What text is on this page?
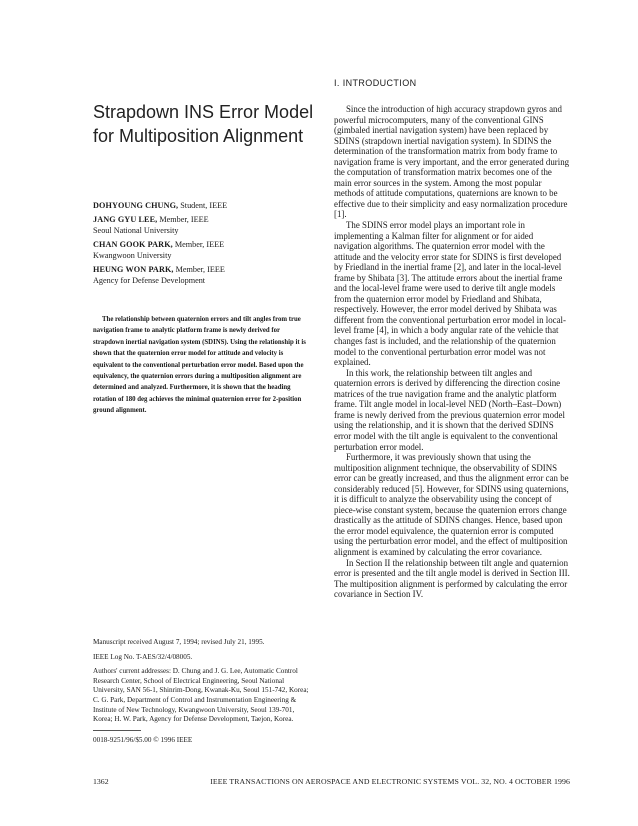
Strapdown INS Error Model for Multiposition Alignment
DOHYOUNG CHUNG, Student, IEEE
JANG GYU LEE, Member, IEEE
Seoul National University
CHAN GOOK PARK, Member, IEEE
Kwangwoon University
HEUNG WON PARK, Member, IEEE
Agency for Defense Development

The relationship between quaternion errors and tilt angles from true navigation frame to analytic platform frame is newly derived for strapdown inertial navigation system (SDINS). Using the relationship it is shown that the quaternion error model for attitude and velocity is equivalent to the conventional perturbation error model. Based upon the equivalency, the quaternion errors during a multiposition alignment are determined and analyzed. Furthermore, it is shown that the heading rotation of 180 deg achieves the minimal quaternion error for 2-position ground alignment.

Manuscript received August 7, 1994; revised July 21, 1995.

IEEE Log No. T-AES/32/4/08005.

Authors' current addresses: D. Chung and J. G. Lee, Automatic Control Research Center, School of Electrical Engineering, Seoul National University, SAN 56-1, Shinrim-Dong, Kwanak-Ku, Seoul 151-742, Korea; C. G. Park, Department of Control and Instrumentation Engineering & Institute of New Technology, Kwangwoon University, Seoul 139-701, Korea; H. W. Park, Agency for Defense Development, Taejon, Korea.

0018-9251/96/$5.00 © 1996 IEEE

I. INTRODUCTION

Since the introduction of high accuracy strapdown gyros and powerful microcomputers, many of the conventional GINS (gimbaled inertial navigation system) have been replaced by SDINS (strapdown inertial navigation system). In SDINS the determination of the transformation matrix from body frame to navigation frame is very important, and the error generated during the computation of transformation matrix becomes one of the main error sources in the system. Among the most popular methods of attitude computations, quaternions are known to be effective due to their simplicity and easy normalization procedure [1].

The SDINS error model plays an important role in implementing a Kalman filter for alignment or for aided navigation algorithms. The quaternion error model with the attitude and the velocity error state for SDINS is first developed by Friedland in the inertial frame [2], and later in the local-level frame by Shibata [3]. The attitude errors about the inertial frame and the local-level frame were used to derive tilt angle models from the quaternion error model by Friedland and Shibata, respectively. However, the error model derived by Shibata was different from the conventional perturbation error model in local-level frame [4], in which a body angular rate of the vehicle that changes fast is included, and the relationship of the quaternion model to the conventional perturbation error model was not explained.

In this work, the relationship between tilt angles and quaternion errors is derived by differencing the direction cosine matrices of the true navigation frame and the analytic platform frame. Tilt angle model in local-level NED (North–East–Down) frame is newly derived from the previous quaternion error model using the relationship, and it is shown that the derived SDINS error model with the tilt angle is equivalent to the conventional perturbation error model.

Furthermore, it was previously shown that using the multiposition alignment technique, the observability of SDINS error can be greatly increased, and thus the alignment error can be considerably reduced [5]. However, for SDINS using quaternions, it is difficult to analyze the observability using the concept of piece-wise constant system, because the quaternion errors change drastically as the attitude of SDINS changes. Hence, based upon the error model equivalence, the quaternion error is computed using the perturbation error model, and the effect of multiposition alignment is examined by calculating the error covariance.

In Section II the relationship between tilt angle and quaternion error is presented and the tilt angle model is derived in Section III. The multiposition alignment is performed by calculating the error covariance in Section IV.

1362	IEEE TRANSACTIONS ON AEROSPACE AND ELECTRONIC SYSTEMS VOL. 32, NO. 4 OCTOBER 1996
